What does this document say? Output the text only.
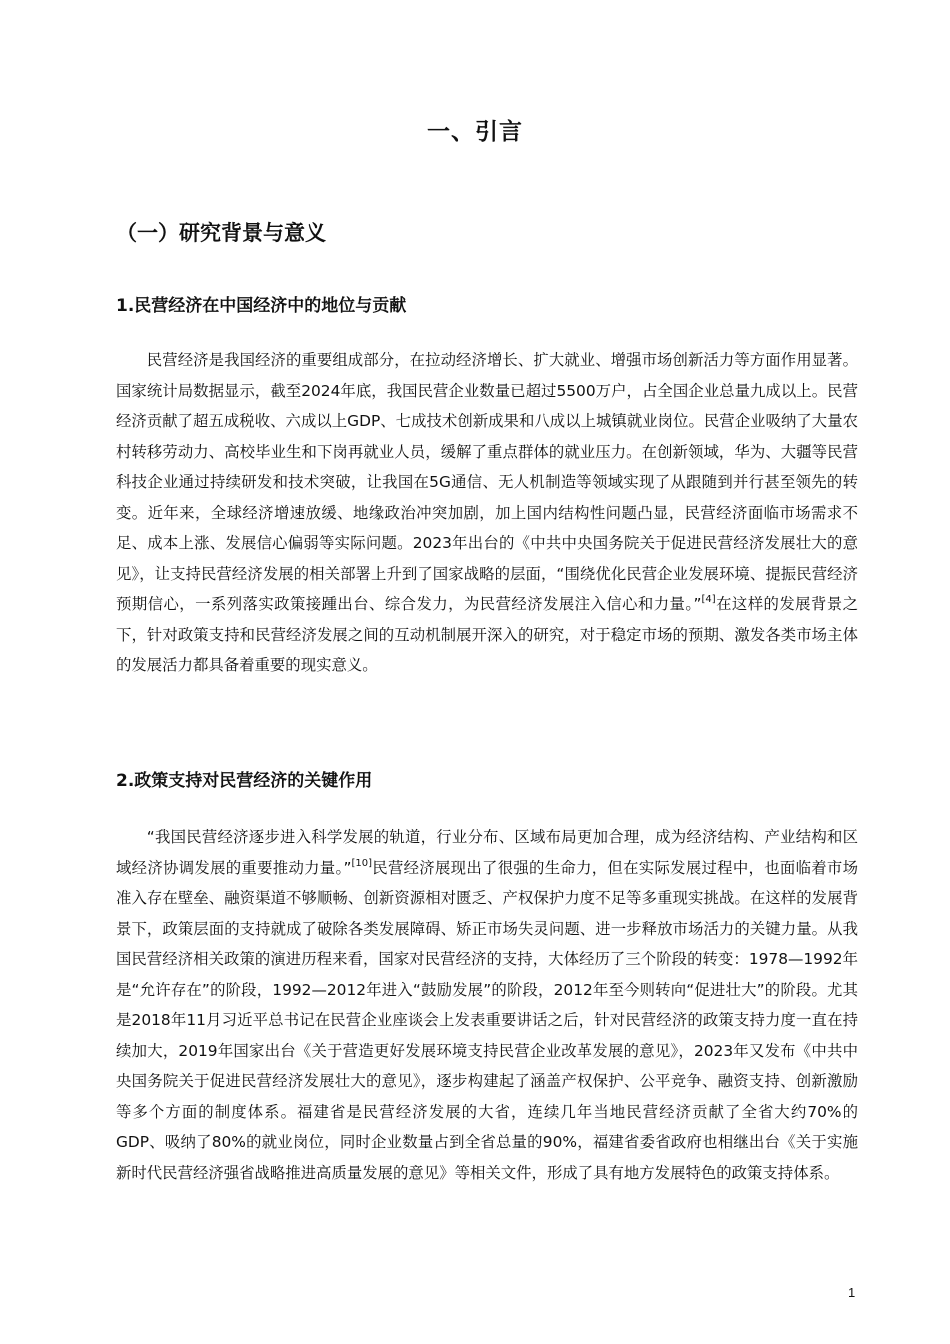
一、引言
（一）研究背景与意义
1.民营经济在中国经济中的地位与贡献

民营经济是我国经济的重要组成部分，在拉动经济增长、扩大就业、增强市场创新活力等方面作用显著。国家统计局数据显示，截至2024年底，我国民营企业数量已超过5500万户，占全国企业总量九成以上。民营经济贡献了超五成税收、六成以上GDP、七成技术创新成果和八成以上城镇就业岗位。民营企业吸纳了大量农村转移劳动力、高校毕业生和下岗再就业人员，缓解了重点群体的就业压力。在创新领域，华为、大疆等民营科技企业通过持续研发和技术突破，让我国在5G通信、无人机制造等领域实现了从跟随到并行甚至领先的转变。近年来，全球经济增速放缓、地缘政治冲突加剧，加上国内结构性问题凸显，民营经济面临市场需求不足、成本上涨、发展信心偏弱等实际问题。2023年出台的《中共中央国务院关于促进民营经济发展壮大的意见》，让支持民营经济发展的相关部署上升到了国家战略的层面，“围绕优化民营企业发展环境、提振民营经济预期信心，一系列落实政策接踵出台、综合发力，为民营经济发展注入信心和力量。”[4]在这样的发展背景之下，针对政策支持和民营经济发展之间的互动机制展开深入的研究，对于稳定市场的预期、激发各类市场主体的发展活力都具备着重要的现实意义。

2.政策支持对民营经济的关键作用

“我国民营经济逐步进入科学发展的轨道，行业分布、区域布局更加合理，成为经济结构、产业结构和区域经济协调发展的重要推动力量。”[10]民营经济展现出了很强的生命力，但在实际发展过程中，也面临着市场准入存在壁垒、融资渠道不够顺畅、创新资源相对匮乏、产权保护力度不足等多重现实挑战。在这样的发展背景下，政策层面的支持就成了破除各类发展障碍、矫正市场失灵问题、进一步释放市场活力的关键力量。从我国民营经济相关政策的演进历程来看，国家对民营经济的支持，大体经历了三个阶段的转变：1978—1992年是“允许存在”的阶段，1992—2012年进入“鼓励发展”的阶段，2012年至今则转向“促进壮大”的阶段。尤其是2018年11月习近平总书记在民营企业座谈会上发表重要讲话之后，针对民营经济的政策支持力度一直在持续加大，2019年国家出台《关于营造更好发展环境支持民营企业改革发展的意见》，2023年又发布《中共中央国务院关于促进民营经济发展壮大的意见》，逐步构建起了涵盖产权保护、公平竞争、融资支持、创新激励等多个方面的制度体系。福建省是民营经济发展的大省，连续几年当地民营经济贡献了全省大约70%的GDP、吸纳了80%的就业岗位，同时企业数量占到全省总量的90%，福建省委省政府也相继出台《关于实施新时代民营经济强省战略推进高质量发展的意见》等相关文件，形成了具有地方发展特色的政策支持体系。

1
